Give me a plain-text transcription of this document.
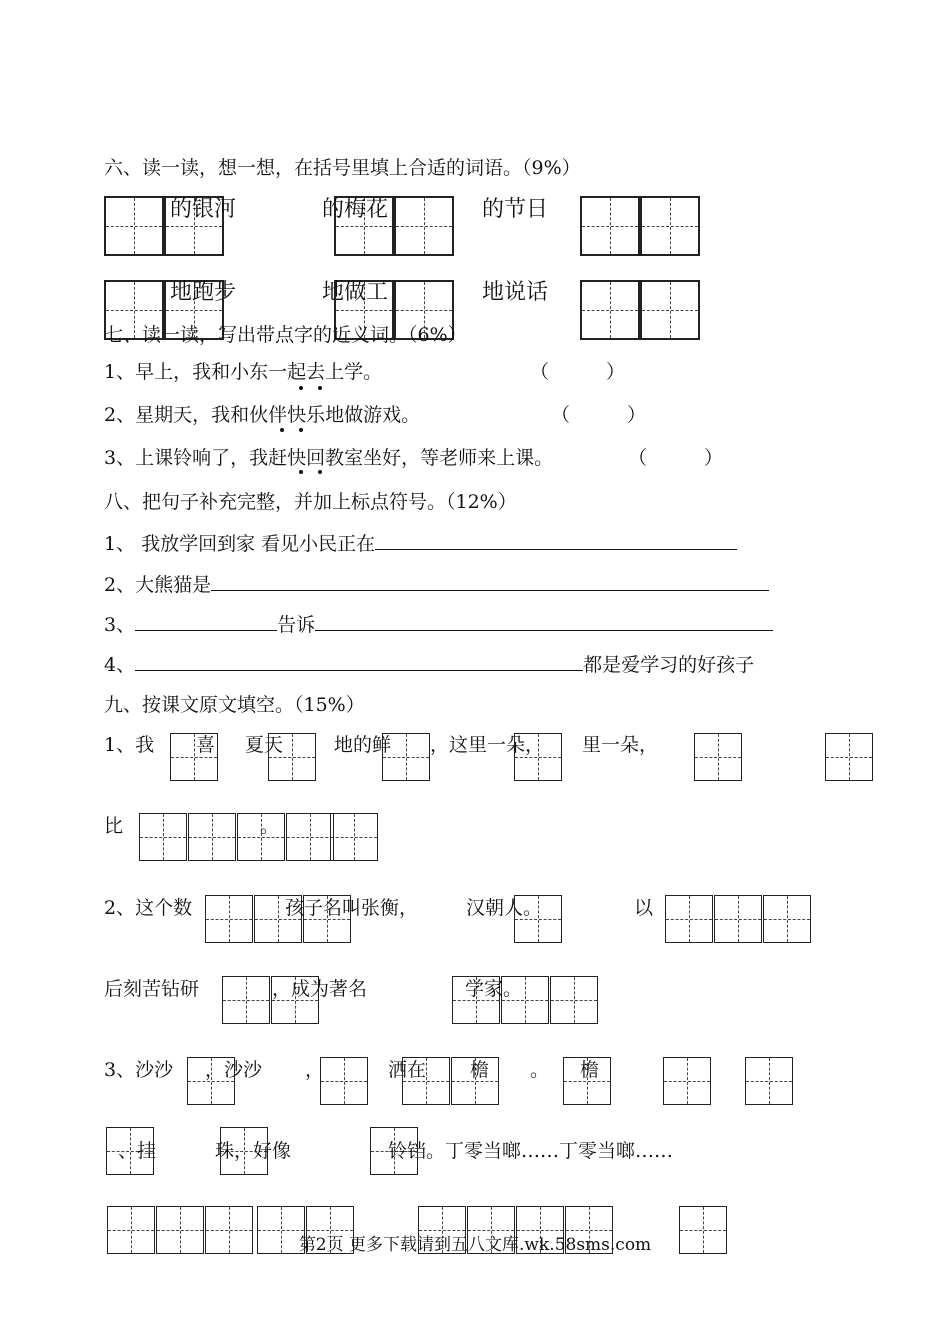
六、读一读，想一想，在括号里填上合适的词语。（9%）
的银河	的梅花	的节日
地跑步	地做工	地说话
七、读一读，写出带点字的近义词。（6%）
1、早上，我和小东一起去上学。	（　　　）
2、星期天，我和伙伴快乐地做游戏。	（　　　）
3、上课铃响了，我赶快回教室坐好，等老师来上课。	（　　　）
八、把句子补充完整，并加上标点符号。（12%）
1、 我放学回到家 看见小民正在
2、大熊猫是
3、	告诉
4、	都是爱学习的好孩子
九、按课文原文填空。（15%）
1、我 喜 夏天	地的鲜 ，这里一朵， 里一朵，
比	。
2、这个数	孩子名叫张衡，	汉朝人。	以
后刻苦钻研	，成为著名	学家。
3、沙沙 ，沙沙 ，	洒在 檐 。 檐
、挂	珠，好像	铃铛。丁零当啷……丁零当啷……
第2页 更多下载请到五八文库.wk.58sms.com
